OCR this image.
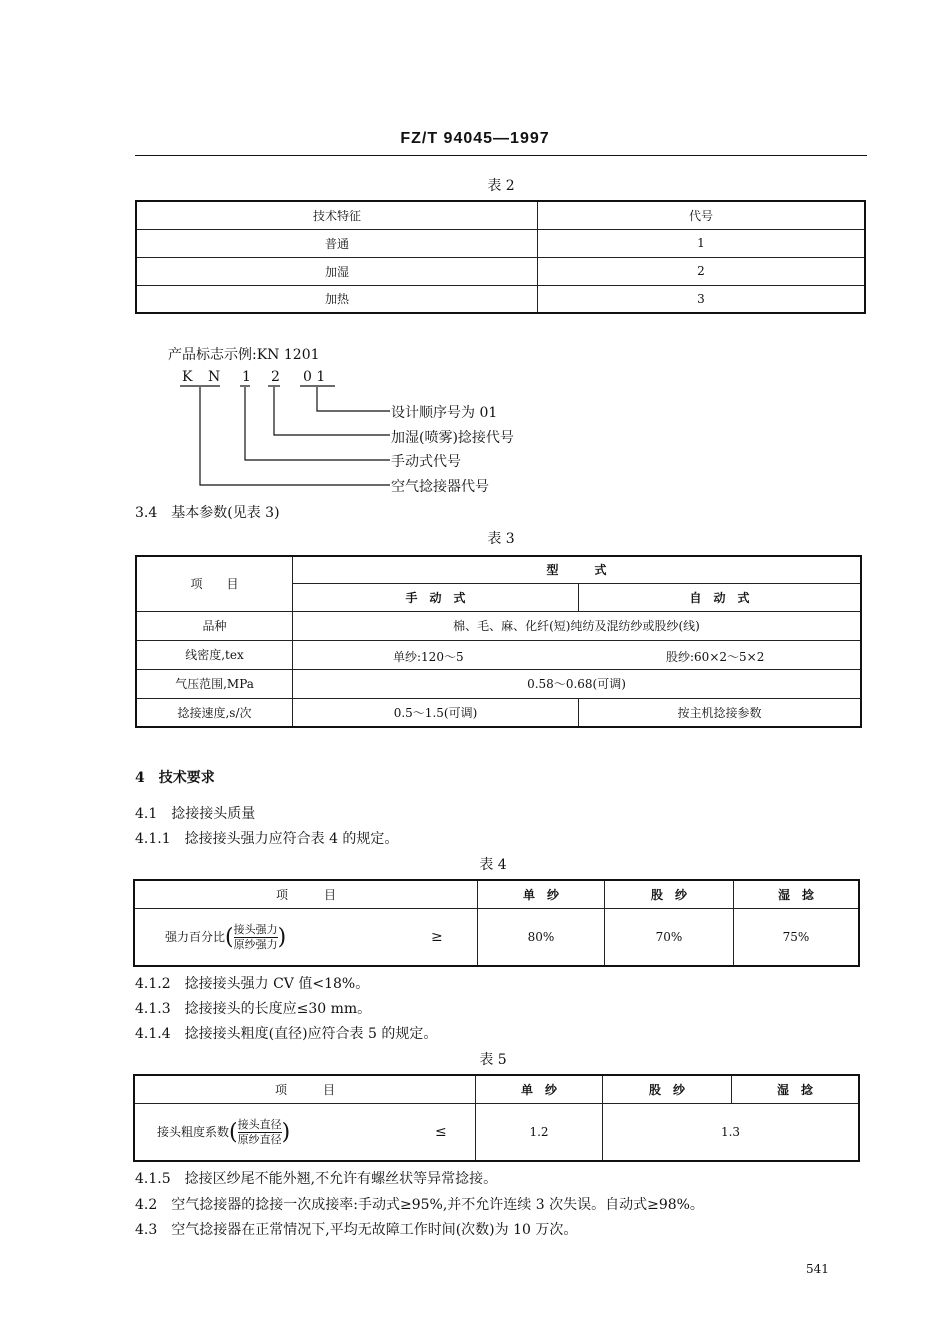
FZ/T 94045—1997
表 2
技术特征	代号
普通	1
加湿	2
加热	3
产品标志示例:KN 1201
K N 1 2 0 1
设计顺序号为 01
加湿(喷雾)捻接代号
手动式代号
空气捻接器代号
3.4　基本参数(见表 3)
表 3
项　　目	型　　　式	
	手　动　式	自　动　式
品种	棉、毛、麻、化纤(短)纯纺及混纺纱或股纱(线)	
线密度,tex	单纱:120～5 股纱:60×2～5×2	

气压范围,MPa	0.58～0.68(可调)	
捻接速度,s/次	0.5～1.5(可调)	按主机捻接参数
4　技术要求
4.1　捻接接头质量
4.1.1　捻接接头强力应符合表 4 的规定。
表 4
项　　　目	单　纱	股　纱	湿　捻

强力百分比( $\frac{\text{接头强力}}{\text{原纱强力}}$ ) ≥	80%	70%	75%
4.1.2　捻接接头强力 CV 值<18%。
4.1.3　捻接接头的长度应≤30 mm。
4.1.4　捻接接头粗度(直径)应符合表 5 的规定。
表 5
项　　　目	单　纱	股　纱	湿　捻

接头粗度系数( $\frac{\text{接头直径}}{\text{原纱直径}}$ ) ≤	1.2	1.3	
4.1.5　捻接区纱尾不能外翘,不允许有螺丝状等异常捻接。
4.2　空气捻接器的捻接一次成接率:手动式≥95%,并不允许连续 3 次失误。自动式≥98%。
4.3　空气捻接器在正常情况下,平均无故障工作时间(次数)为 10 万次。
541
